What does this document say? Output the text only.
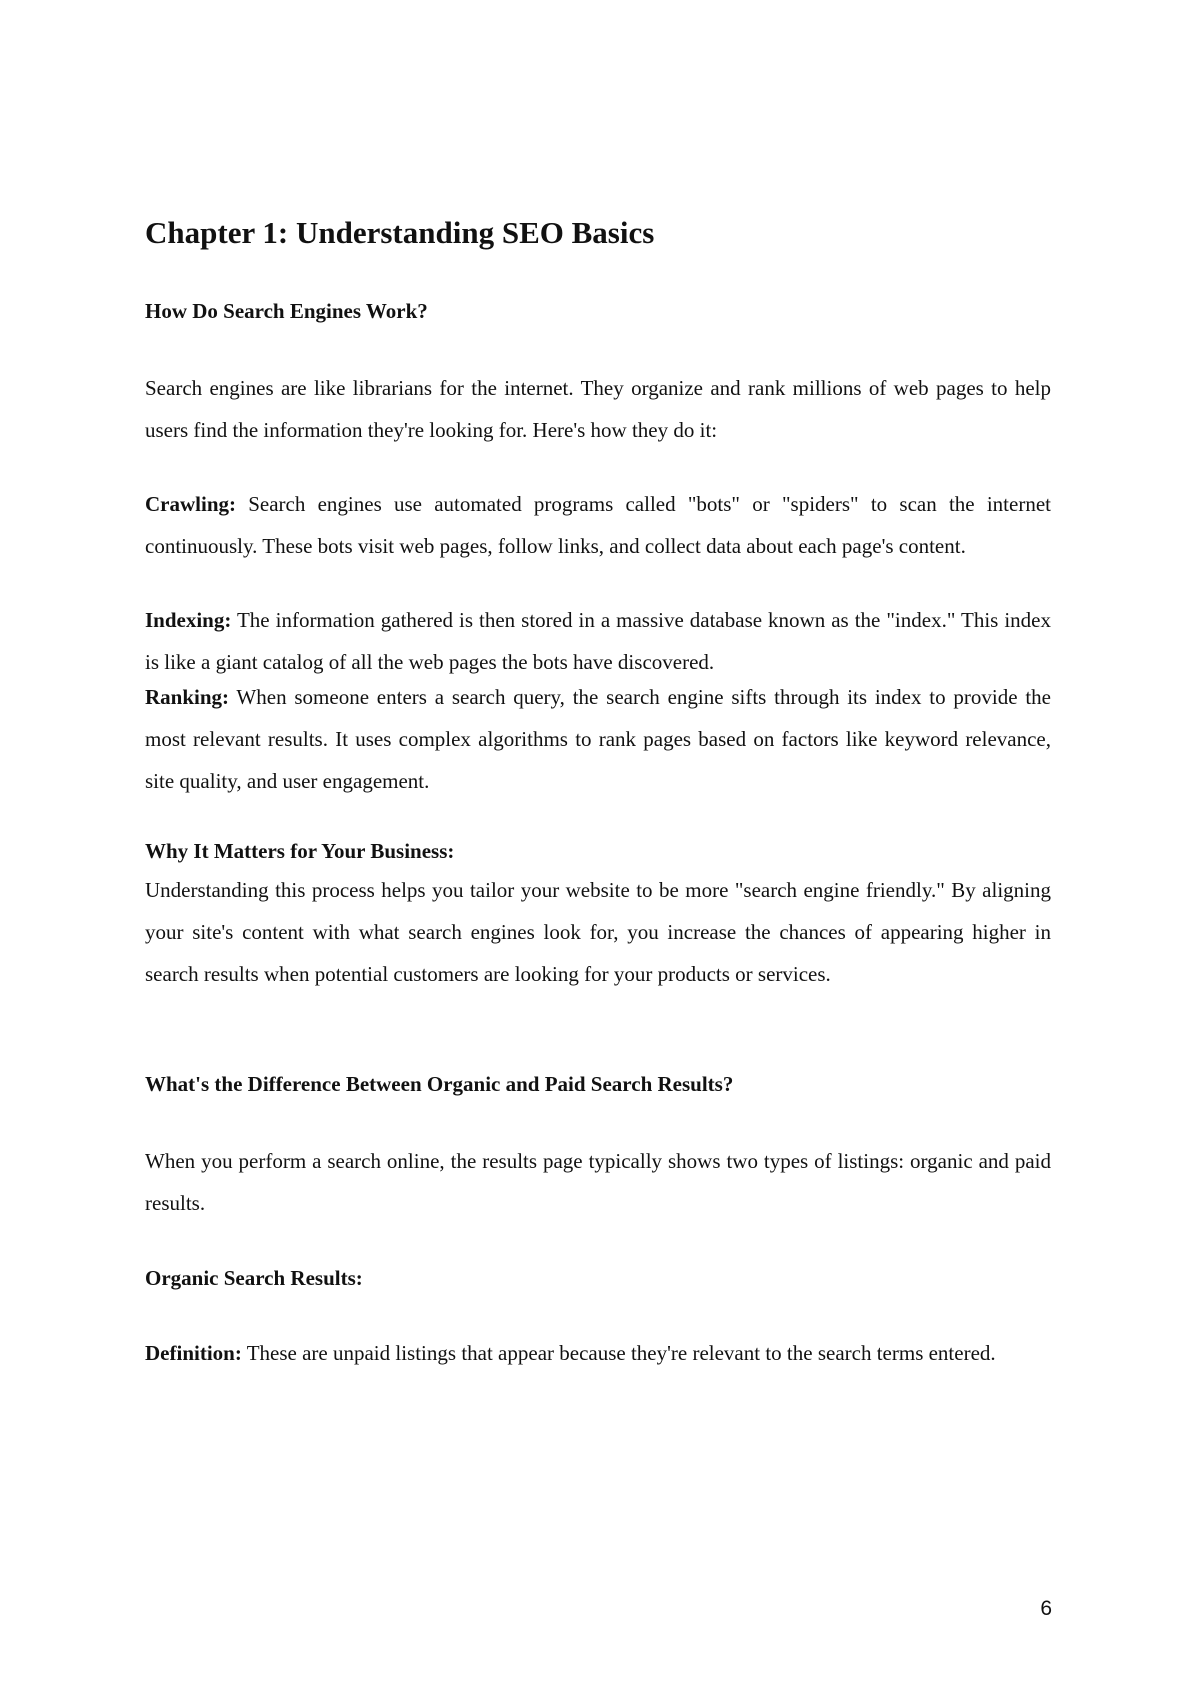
Chapter 1: Understanding SEO Basics
How Do Search Engines Work?

Search engines are like librarians for the internet. They organize and rank millions of web pages to help users find the information they're looking for. Here's how they do it:

Crawling: Search engines use automated programs called "bots" or "spiders" to scan the internet continuously. These bots visit web pages, follow links, and collect data about each page's content.

Indexing: The information gathered is then stored in a massive database known as the "index." This index is like a giant catalog of all the web pages the bots have discovered.

Ranking: When someone enters a search query, the search engine sifts through its index to provide the most relevant results. It uses complex algorithms to rank pages based on factors like keyword relevance, site quality, and user engagement.

Why It Matters for Your Business:

Understanding this process helps you tailor your website to be more "search engine friendly." By aligning your site's content with what search engines look for, you increase the chances of appearing higher in search results when potential customers are looking for your products or services.

What's the Difference Between Organic and Paid Search Results?

When you perform a search online, the results page typically shows two types of listings: organic and paid results.

Organic Search Results:

Definition: These are unpaid listings that appear because they're relevant to the search terms entered.

6
